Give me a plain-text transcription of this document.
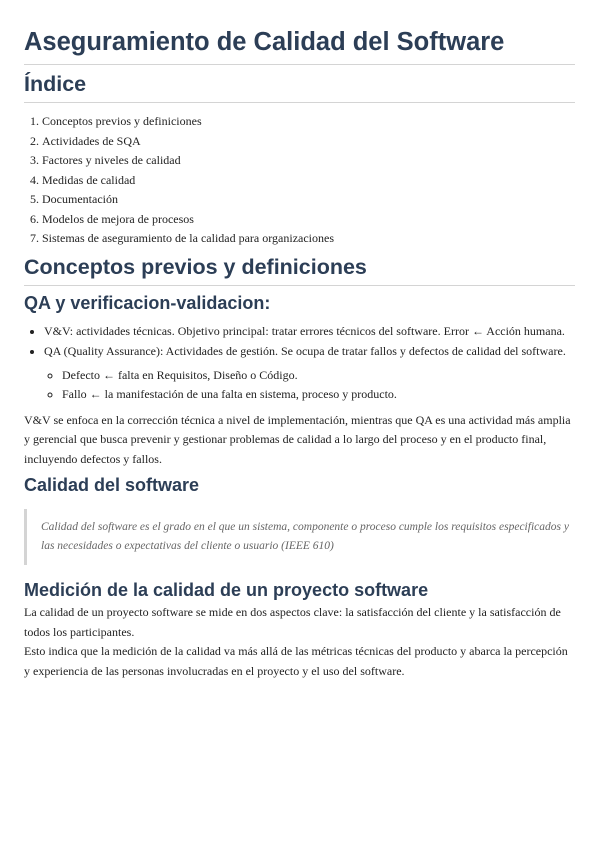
Aseguramiento de Calidad del Software
Índice
1. Conceptos previos y definiciones
2. Actividades de SQA
3. Factores y niveles de calidad
4. Medidas de calidad
5. Documentación
6. Modelos de mejora de procesos
7. Sistemas de aseguramiento de la calidad para organizaciones
Conceptos previos y definiciones
QA y verificacion-validacion:
• V&V: actividades técnicas. Objetivo principal: tratar errores técnicos del software. Error ← Acción humana.
• QA (Quality Assurance): Actividades de gestión. Se ocupa de tratar fallos y defectos de calidad del software.
◦ Defecto ← falta en Requisitos, Diseño o Código.
◦ Fallo ← la manifestación de una falta en sistema, proceso y producto.

V&V se enfoca en la corrección técnica a nivel de implementación, mientras que QA es una actividad más amplia y gerencial que busca prevenir y gestionar problemas de calidad a lo largo del proceso y en el producto final, incluyendo defectos y fallos.

Calidad del software
Calidad del software es el grado en el que un sistema, componente o proceso cumple los requisitos especificados y las necesidades o expectativas del cliente o usuario (IEEE 610)
Medición de la calidad de un proyecto software

La calidad de un proyecto software se mide en dos aspectos clave: la satisfacción del cliente y la satisfacción de todos los participantes.

Esto indica que la medición de la calidad va más allá de las métricas técnicas del producto y abarca la percepción y experiencia de las personas involucradas en el proyecto y el uso del software.
